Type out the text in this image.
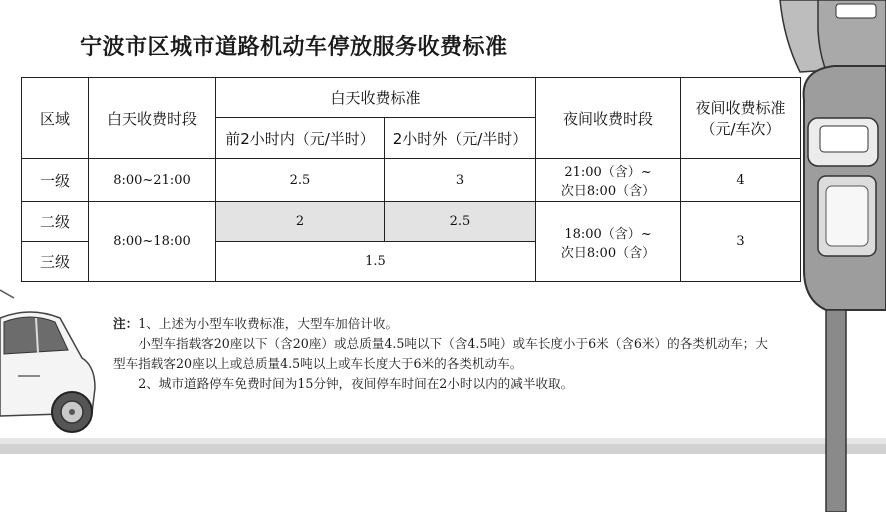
宁波市区城市道路机动车停放服务收费标准
区域	白天收费时段	白天收费标准		夜间收费时段	夜间收费标准
（元/车次）

		前2小时内（元/半时）	2小时外（元/半时）		
一级	8:00~21:00	2.5	3	21:00（含）~
次日8:00（含）	4
二级	8:00~18:00	2	2.5	18:00（含）~
次日8:00（含）	3
三级		1.5			

注：1、上述为小型车收费标准，大型车加倍计收。

小型车指载客20座以下（含20座）或总质量4.5吨以下（含4.5吨）或车长度小于6米（含6米）的各类机动车；大型车指载客20座以上或总质量4.5吨以上或车长度大于6米的各类机动车。

2、城市道路停车免费时间为15分钟，夜间停车时间在2小时以内的减半收取。
